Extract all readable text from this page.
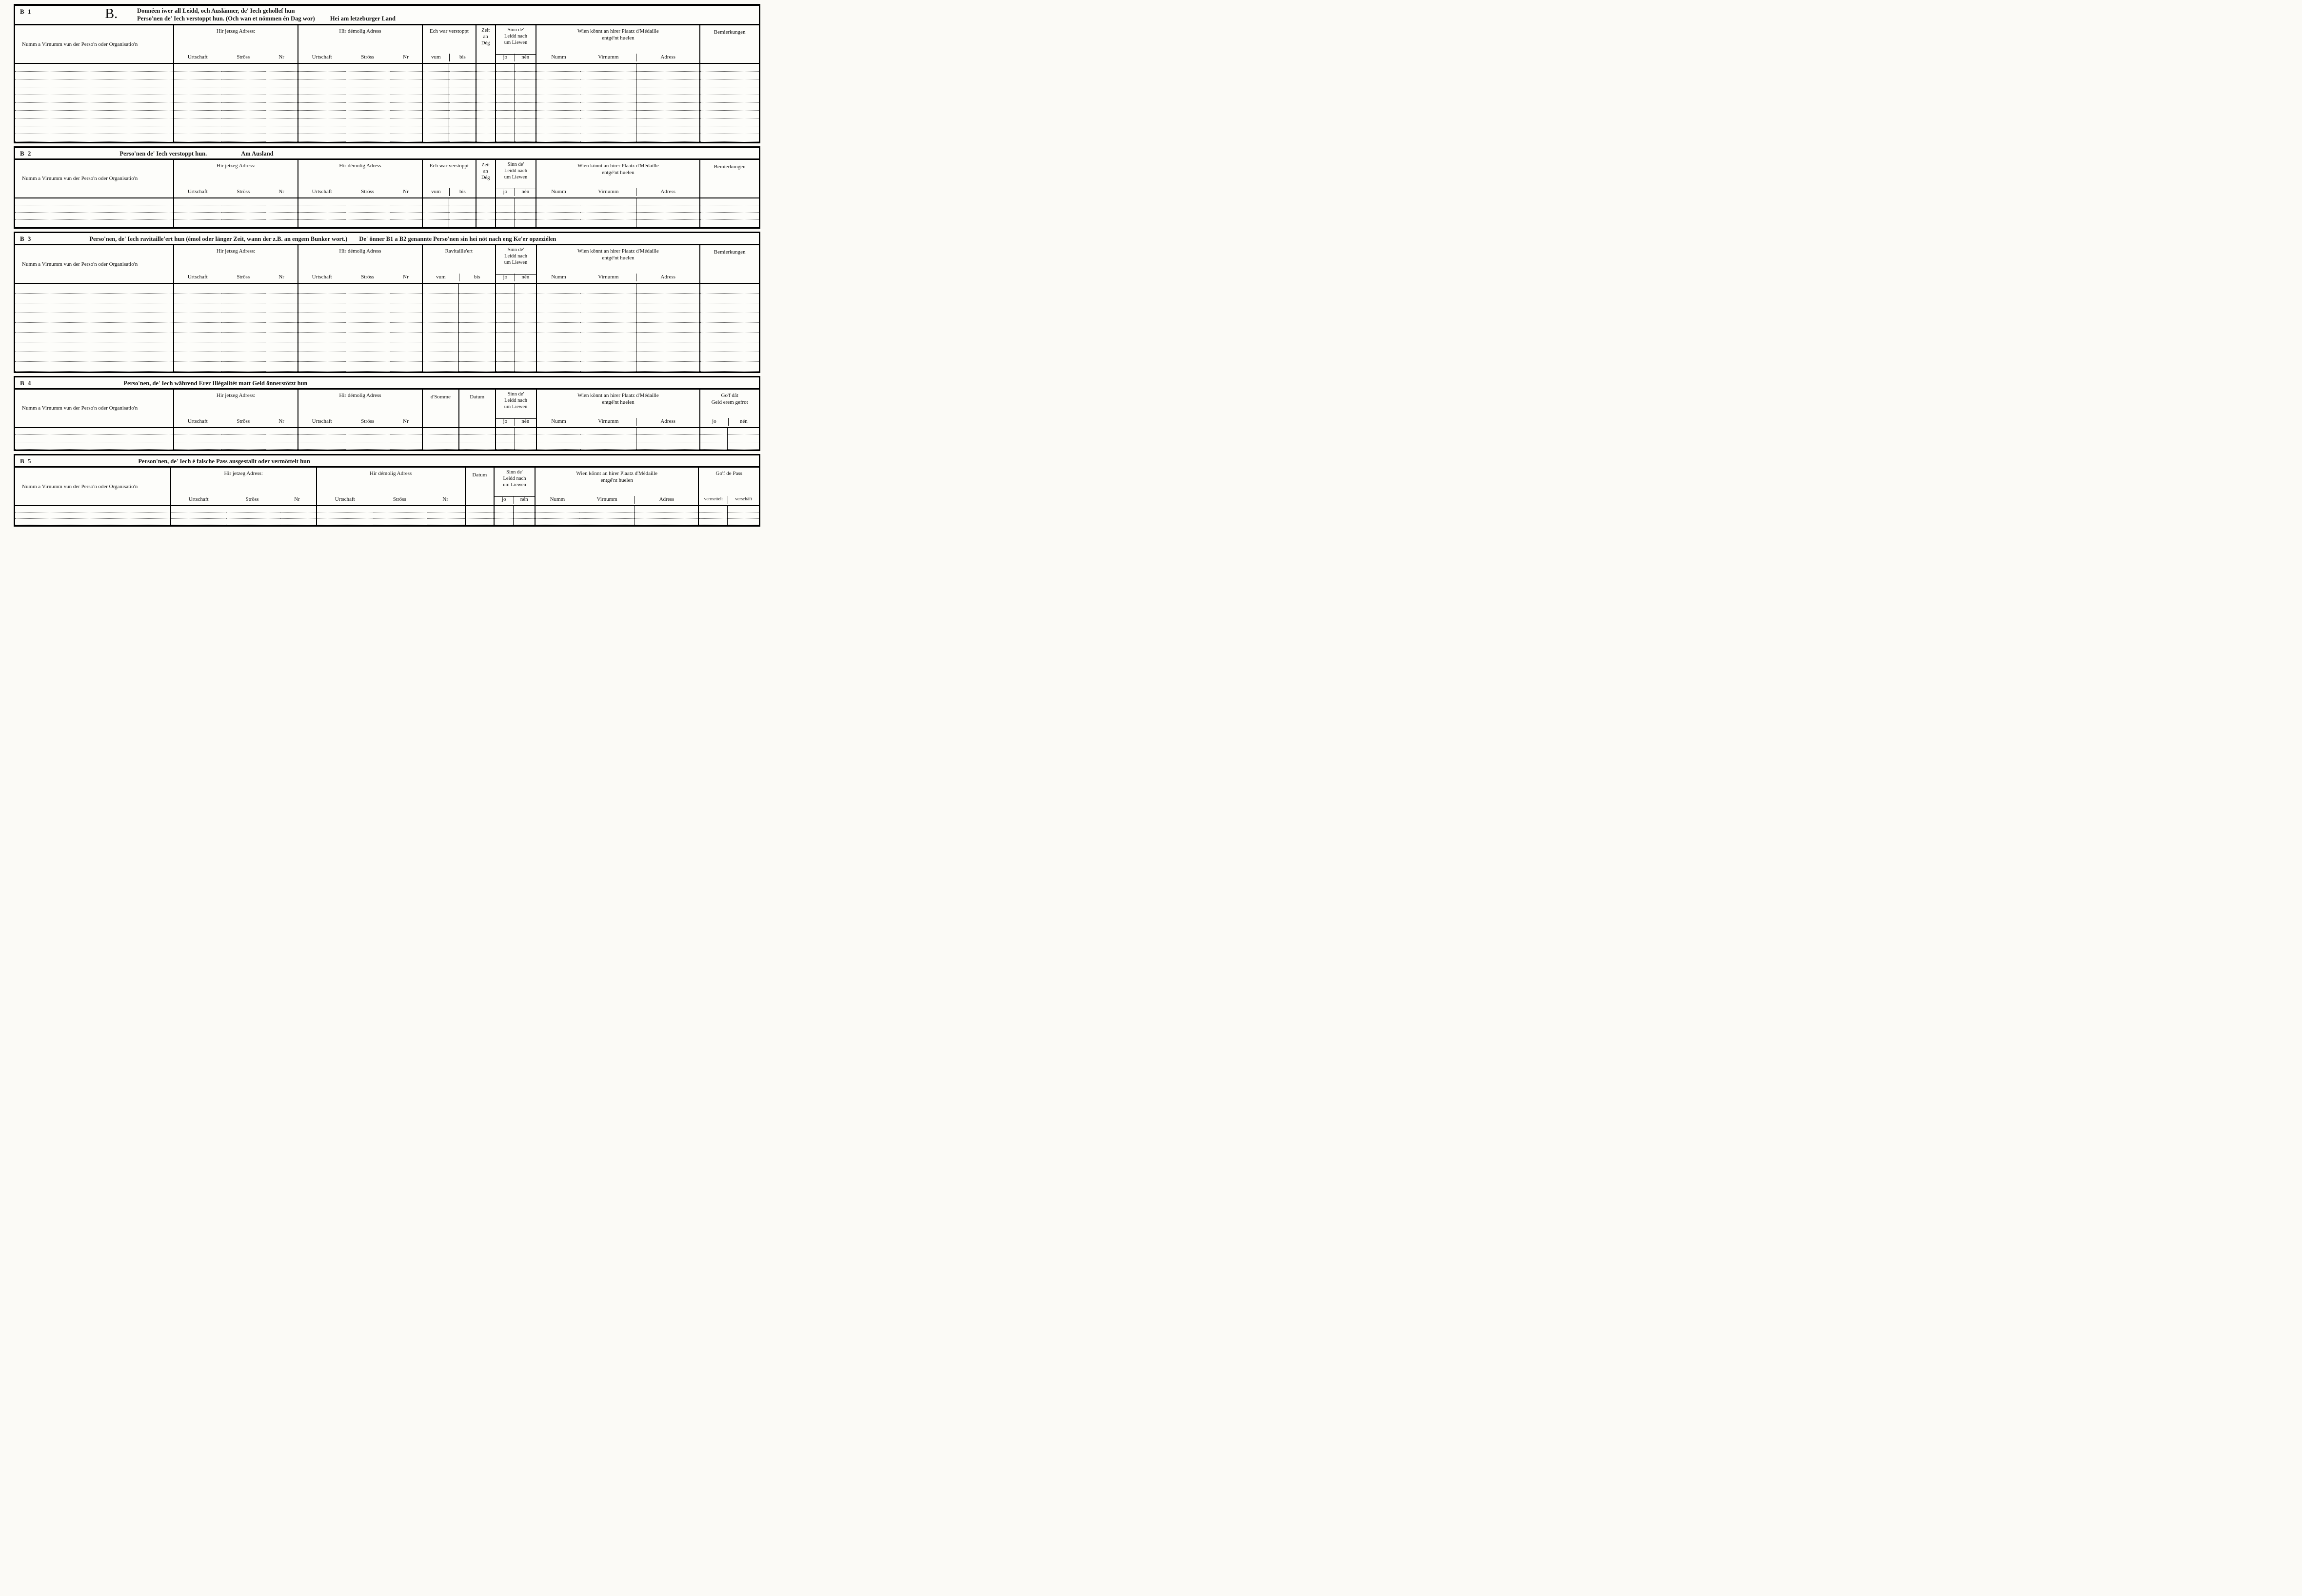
B 1	B.	Donnéen iwer all Leidd, och Auslänner, de' Iech gehollef hun
Perso'nen de' Iech verstoppt hun. (Och wan et nömmen én Dag wor) Hei am letzeburger Land
Numm a Virnumm vun der Perso'n oder Organisatio'n

Hir jetzeg Adress:
Urtschaft	Ströss	Nr

Hir démolig Adress
Urtschaft	Ströss	Nr

Ech war verstoppt
vum	bis

Zeit
an
Dég

Sinn de'
Leidd nach
um Liewen
jo	nén

Wien könnt an hirer Plaatz d'Médaille
entgé'nt huelen
Numm	Virnumm	Adress

Bemierkungen

B 2	Perso'nen de' Iech verstoppt hun.	Am Ausland
Numm a Virnumm vun der Perso'n oder Organisatio'n

Hir jetzeg Adress:
Urtschaft	Ströss	Nr

Hir démolig Adress
Urtschaft	Ströss	Nr

Ech war verstoppt
vum	bis

Zeit
an
Dég

Sinn de'
Leidd nach
um Liewen
jo	nén

Wien könnt an hirer Plaatz d'Médaille
entgé'nt huelen
Numm	Virnumm	Adress

Bemierkungen

B 3	Perso'nen, de' Iech ravitaille'ert hun (émol oder länger Zeit, wann der z.B. an engem Bunker wort.) De' önner B1 a B2 genannte Perso'nen sin hei nöt nach eng Ke'er opzeziélen
Numm a Virnumm vun der Perso'n oder Organisatio'n

Hir jetzeg Adress:
Urtschaft	Ströss	Nr

Hir démolig Adress
Urtschaft	Ströss	Nr

Ravitaille'ert
vum	bis

Sinn de'
Leidd nach
um Liewen
jo	nén

Wien könnt an hirer Plaatz d'Médaille
entgé'nt huelen
Numm	Virnumm	Adress

Bemierkungen

B 4	Perso'nen, de' Iech während Erer Illégalitét matt Geld önnerstötzt hun
Numm a Virnumm vun der Perso'n oder Organisatio'n

Hir jetzeg Adress:
Urtschaft	Ströss	Nr

Hir démolig Adress
Urtschaft	Ströss	Nr

d'Somme	Datum	Sinn de'
Leidd nach
um Liewen
jo	nén

Wien könnt an hirer Plaatz d'Médaille
entgé'nt huelen
Numm	Virnumm	Adress

Go'f dât
Geld erem gefrot
jo	nén

B 5	Person'nen, de' Iech é falsche Pass ausgestallt oder vermöttelt hun
Numm a Virnumm vun der Perso'n oder Organisatio'n

Hir jetzeg Adress:
Urtschaft	Ströss	Nr

Hir démolig Adress
Urtschaft	Ströss	Nr

Datum	Sinn de'
Leidd nach
um Liewen
jo	nén

Wien könnt an hirer Plaatz d'Médaille
entgé'nt huelen
Numm	Virnumm	Adress

Go'f de Pass
vermettelt	verschäft
